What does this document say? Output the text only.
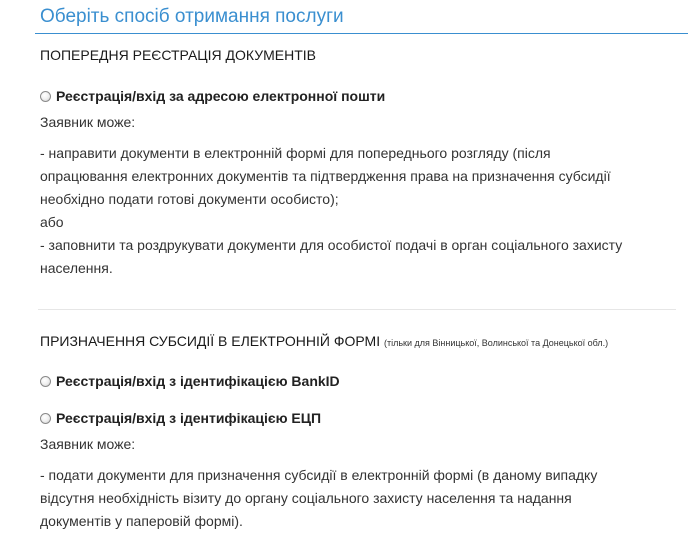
Оберіть спосіб отримання послуги

ПОПЕРЕДНЯ РЕЄСТРАЦІЯ ДОКУМЕНТІВ

Реєстрація/вхід за адресою електронної пошти

Заявник може:

- направити документи в електронній формі для попереднього розгляду (після
опрацювання електронних документів та підтвердження права на призначення субсидії
необхідно подати готові документи особисто);
або
- заповнити та роздрукувати документи для особистої подачі в орган соціального захисту
населення.

ПРИЗНАЧЕННЯ СУБСИДІЇ В ЕЛЕКТРОННІЙ ФОРМІ (тільки для Вінницької, Волинської та Донецької обл.)

Реєстрація/вхід з ідентифікацією BankID
Реєстрація/вхід з ідентифікацією ЕЦП

Заявник може:

- подати документи для призначення субсидії в електронній формі (в даному випадку
відсутня необхідність візиту до органу соціального захисту населення та надання
документів у паперовій формі).
